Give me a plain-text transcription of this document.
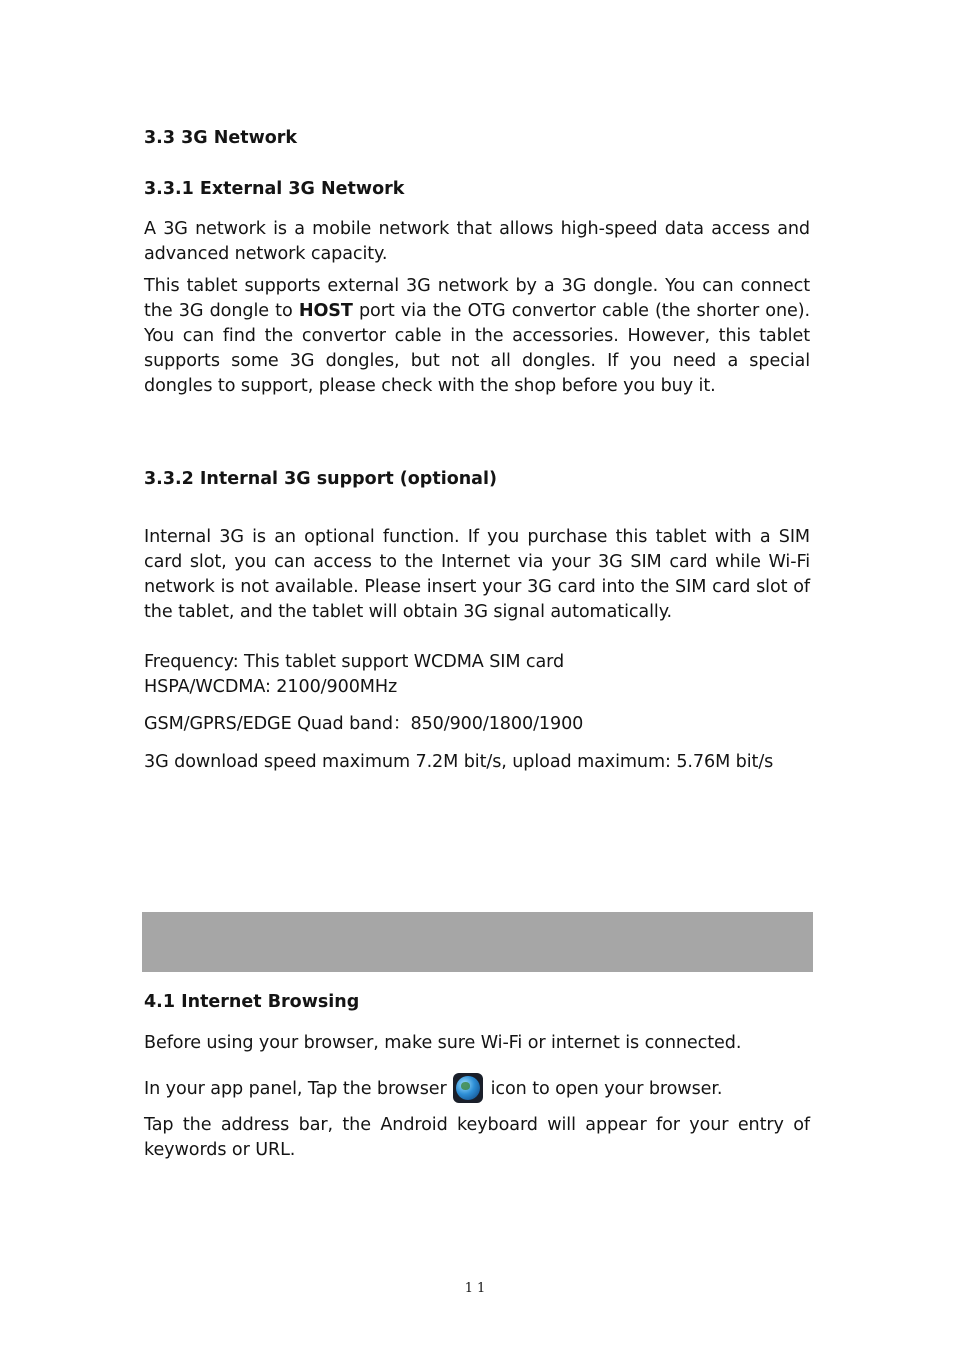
3.3 3G Network
3.3.1 External 3G Network

A 3G network is a mobile network that allows high-speed data access and advanced network capacity.

This tablet supports external 3G network by a 3G dongle. You can connect the 3G dongle to HOST port via the OTG convertor cable (the shorter one). You can find the convertor cable in the accessories. However, this tablet supports some 3G dongles, but not all dongles. If you need a special dongles to support, please check with the shop before you buy it.

3.3.2 Internal 3G support (optional)

Internal 3G is an optional function. If you purchase this tablet with a SIM card slot, you can access to the Internet via your 3G SIM card while Wi-Fi network is not available. Please insert your 3G card into the SIM card slot of the tablet, and the tablet will obtain 3G signal automatically.

Frequency: This tablet support WCDMA SIM card

HSPA/WCDMA: 2100/900MHz

GSM/GPRS/EDGE Quad band：850/900/1800/1900

3G download speed maximum 7.2M bit/s, upload maximum: 5.76M bit/s

4.1 Internet Browsing

Before using your browser, make sure Wi-Fi or internet is connected.

In your app panel, Tap the browser	icon to open your browser.

Tap the address bar, the Android keyboard will appear for your entry of keywords or URL.

11
